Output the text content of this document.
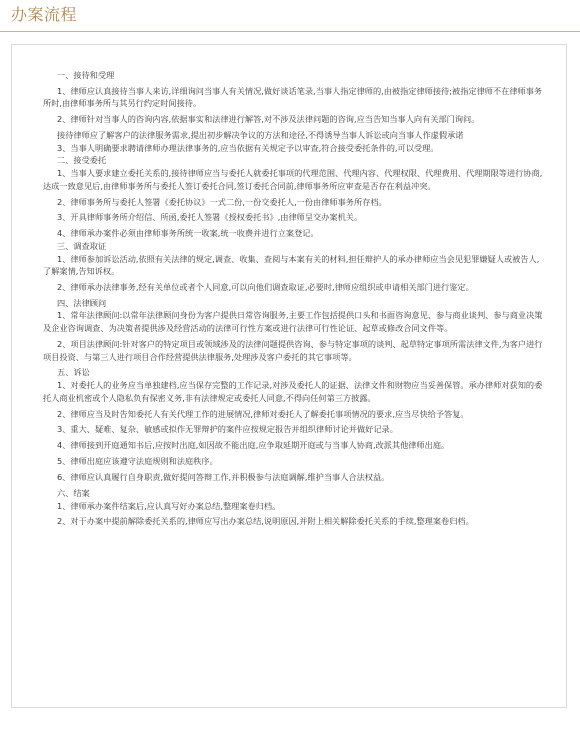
办案流程
一、接待和受理
1、律师应认真接待当事人来访,详细询问当事人有关情况,做好谈话笔录,当事人指定律师的,由被指定律师接待;被指定律师不在律师事务所时,由律师事务所与其另行约定时间接待。
2、律师针对当事人的咨询内容,依据事实和法律进行解答,对不涉及法律问题的咨询,应当告知当事人向有关部门询问。
接待律师应了解客户的法律服务需求,提出初步解决争议的方法和途径,不得诱导当事人诉讼或向当事人作虚假承诺
3、当事人明确要求聘请律师办理法律事务的,应当依据有关规定予以审查,符合接受委托条件的,可以受理。
二、接受委托
1、当事人要求建立委托关系的,接待律师应当与委托人就委托事项的代理范围、代理内容、代理权限、代理费用、代理期限等进行协商,达成一致意见后,由律师事务所与委托人签订委托合同,签订委托合同前,律师事务所应审查是否存在利益冲突。
2、律师事务所与委托人签署《委托协议》一式二份,一份交委托人,一份由律师事务所存档。
3、开具律师事务所介绍信、所函,委托人签署《授权委托书》,由律师呈交办案机关。
4、律师承办案件必须由律师事务所统一收案,统一收费并进行立案登记。
三、调查取证
1、律师参加诉讼活动,依照有关法律的规定,调查、收集、查阅与本案有关的材料,担任辩护人的承办律师应当会见犯罪嫌疑人或被告人,了解案情,告知诉权。
2、律师承办法律事务,经有关单位或者个人同意,可以向他们调查取证,必要时,律师应组织或申请相关部门进行鉴定。
四、法律顾问
1、常年法律顾问:以常年法律顾问身份为客户提供日常咨询服务,主要工作包括提供口头和书面咨询意见、参与商业谈判、参与商业决策及企业咨询调查、为决策者提供涉及经营活动的法律可行性方案或进行法律可行性论证、起草或修改合同文件等。
2、项目法律顾问:针对客户的特定项目或领域涉及的法律问题提供咨询、参与特定事项的谈判、起草特定事项所需法律文件,为客户进行项目投资、与第三人进行项目合作经营提供法律服务,处理涉及客户委托的其它事项等。
五、诉讼
1、对委托人的业务应当单独建档,应当保存完整的工作记录,对涉及委托人的证据、法律文件和财物应当妥善保管。承办律师对获知的委托人商业机密或个人隐私负有保密义务,非有法律规定或委托人同意,不得向任何第三方披露。
2、律师应当及时告知委托人有关代理工作的进展情况,律师对委托人了解委托事项情况的要求,应当尽快给予答复。
3、重大、疑难、复杂、敏感或拟作无罪辩护的案件应按规定报告并组织律师讨论并做好记录。
4、律师接到开庭通知书后,应按时出庭,如因故不能出庭,应争取延期开庭或与当事人协商,改派其他律师出庭。
5、律师出庭应该遵守法庭规则和法庭秩序。
6、律师应认真履行自身职责,做好提问答辩工作,并积极参与法庭调解,维护当事人合法权益。
六、结案
1、律师承办案件结案后,应认真写好办案总结,整理案卷归档。
2、对于办案中提前解除委托关系的,律师应写出办案总结,说明原因,并附上相关解除委托关系的手续,整理案卷归档。
